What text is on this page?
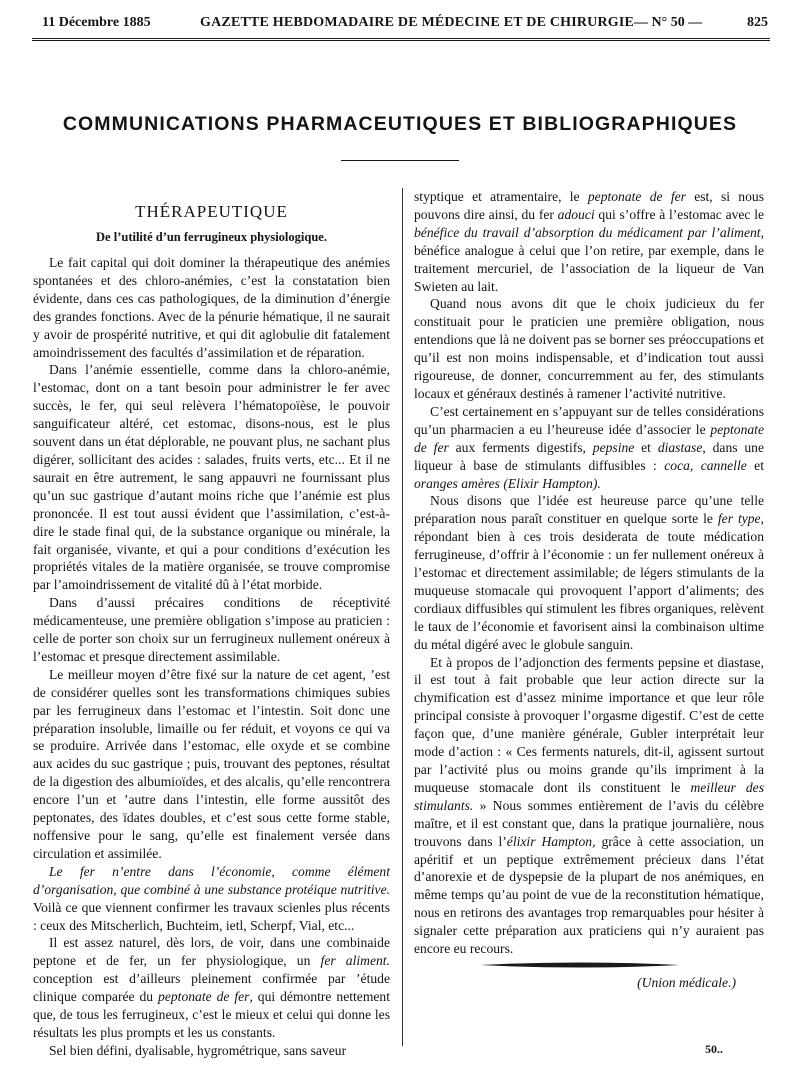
11 Décembre 1885	GAZETTE HEBDOMADAIRE DE MÉDECINE ET DE CHIRURGIE — N° 50 —	825
COMMUNICATIONS PHARMACEUTIQUES ET BIBLIOGRAPHIQUES
THÉRAPEUTIQUE
De l’utilité d’un ferrugineux physiologique.

Le fait capital qui doit dominer la thérapeutique des anémies spontanées et des chloro-anémies, c’est la constatation bien évidente, dans ces cas pathologiques, de la diminution d’énergie des grandes fonctions. Avec de la pénurie hématique, il ne saurait y avoir de prospérité nutritive, et qui dit aglobulie dit fatalement amoindrissement des facultés d’assimilation et de réparation.

Dans l’anémie essentielle, comme dans la chloro-anémie, l’estomac, dont on a tant besoin pour administrer le fer avec succès, le fer, qui seul relèvera l’hématopoïèse, le pouvoir sanguificateur altéré, cet estomac, disons-nous, est le plus souvent dans un état déplorable, ne pouvant plus, ne sachant plus digérer, sollicitant des acides : salades, fruits verts, etc... Et il ne saurait en être autrement, le sang appauvri ne fournissant plus qu’un suc gastrique d’autant moins riche que l’anémie est plus prononcée. Il est tout aussi évident que l’assimilation, c’est-à-dire le stade final qui, de la substance organique ou minérale, la fait organisée, vivante, et qui a pour conditions d’exécution les propriétés vitales de la matière organisée, se trouve compromise par l’amoindrissement de vitalité dû à l’état morbide.

Dans d’aussi précaires conditions de réceptivité médicamenteuse, une première obligation s’impose au praticien : celle de porter son choix sur un ferrugineux nullement onéreux à l’estomac et presque directement assimilable.

Le meilleur moyen d’être fixé sur la nature de cet agent, ’est de considérer quelles sont les transformations chimiques subies par les ferrugineux dans l’estomac et l’intestin. Soit donc une préparation insoluble, limaille ou fer réduit, et voyons ce qui va se produire. Arrivée dans l’estomac, elle oxyde et se combine aux acides du suc gastrique ; puis, trouvant des peptones, résultat de la digestion des albumioïdes, et des alcalis, qu’elle rencontrera encore l’un et ’autre dans l’intestin, elle forme aussitôt des peptonates, des ïdates doubles, et c’est sous cette forme stable, noffensive pour le sang, qu’elle est finalement versée dans circulation et assimilée.

Le fer n’entre dans l’économie, comme élément d’organisation, que combiné à une substance protéique nutritive. Voilà ce que viennent confirmer les travaux scienles plus récents : ceux des Mitscherlich, Buchteim, ietl, Scherpf, Vial, etc...

Il est assez naturel, dès lors, de voir, dans une combinaide peptone et de fer, un fer physiologique, un fer aliment. conception est d’ailleurs pleinement confirmée par ’étude clinique comparée du peptonate de fer, qui démontre nettement que, de tous les ferrugineux, c’est le mieux et celui qui donne les résultats les plus prompts et les us constants.

Sel bien défini, dyalisable, hygrométrique, sans saveur

styptique et atramentaire, le peptonate de fer est, si nous pouvons dire ainsi, du fer adouci qui s’offre à l’estomac avec le bénéfice du travail d’absorption du médicament par l’aliment, bénéfice analogue à celui que l’on retire, par exemple, dans le traitement mercuriel, de l’association de la liqueur de Van Swieten au lait.

Quand nous avons dit que le choix judicieux du fer constituait pour le praticien une première obligation, nous entendions que là ne doivent pas se borner ses préoccupations et qu’il est non moins indispensable, et d’indication tout aussi rigoureuse, de donner, concurremment au fer, des stimulants locaux et généraux destinés à ramener l’activité nutritive.

C’est certainement en s’appuyant sur de telles considérations qu’un pharmacien a eu l’heureuse idée d’associer le peptonate de fer aux ferments digestifs, pepsine et diastase, dans une liqueur à base de stimulants diffusibles : coca, cannelle et oranges amères (Elixir Hampton).

Nous disons que l’idée est heureuse parce qu’une telle préparation nous paraît constituer en quelque sorte le fer type, répondant bien à ces trois desiderata de toute médication ferrugineuse, d’offrir à l’économie : un fer nullement onéreux à l’estomac et directement assimilable; de légers stimulants de la muqueuse stomacale qui provoquent l’apport d’aliments; des cordiaux diffusibles qui stimulent les fibres organiques, relèvent le taux de l’économie et favorisent ainsi la combinaison ultime du métal digéré avec le globule sanguin.

Et à propos de l’adjonction des ferments pepsine et diastase, il est tout à fait probable que leur action directe sur la chymification est d’assez minime importance et que leur rôle principal consiste à provoquer l’orgasme digestif. C’est de cette façon que, d’une manière générale, Gubler interprétait leur mode d’action : « Ces ferments naturels, dit-il, agissent surtout par l’activité plus ou moins grande qu’ils impriment à la muqueuse stomacale dont ils constituent le meilleur des stimulants. » Nous sommes entièrement de l’avis du célèbre maître, et il est constant que, dans la pratique journalière, nous trouvons dans l’élixir Hampton, grâce à cette association, un apéritif et un peptique extrêmement précieux dans l’état d’anorexie et de dyspepsie de la plupart de nos anémiques, en même temps qu’au point de vue de la reconstitution hématique, nous en retirons des avantages trop remarquables pour hésiter à signaler cette préparation aux praticiens qui n’y auraient pas encore eu recours.

(Union médicale.)
50..
